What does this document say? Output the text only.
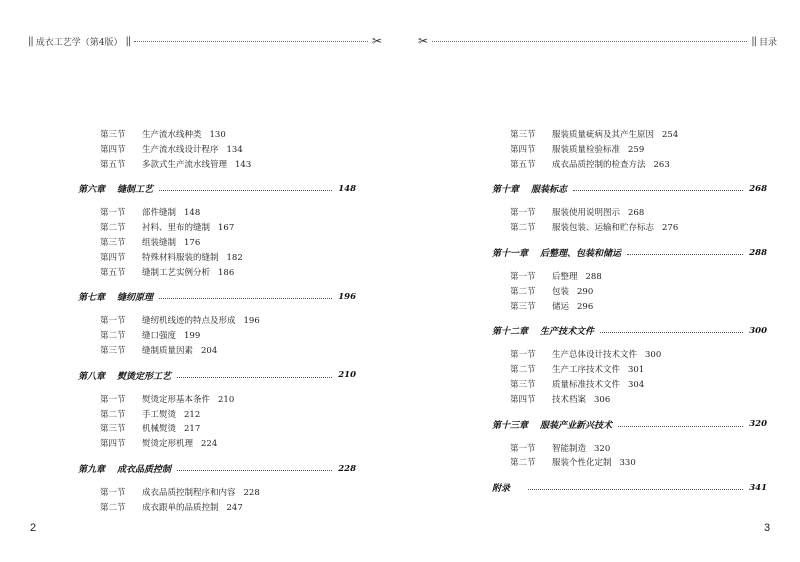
|| 成衣工艺学（第4版） ||	✂
第三节 生产流水线种类 130
第四节 生产流水线设计程序 134
第五节 多款式生产流水线管理 143
第六章 缝制工艺	148
第一节 部件缝制 148
第二节 衬料、里布的缝制 167
第三节 组装缝制 176
第四节 特殊材料服装的缝制 182
第五节 缝制工艺实例分析 186
第七章 缝纫原理	196
第一节 缝纫机线迹的特点及形成 196
第二节 缝口强度 199
第三节 缝制质量因素 204
第八章 熨烫定形工艺	210
第一节 熨烫定形基本条件 210
第二节 手工熨烫 212
第三节 机械熨烫 217
第四节 熨烫定形机理 224
第九章 成衣品质控制	228
第一节 成衣品质控制程序和内容 228
第二节 成衣跟单的品质控制 247
2
✂	|| 目录
第三节 服装质量疵病及其产生原因 254
第四节 服装质量检验标准 259
第五节 成衣品质控制的检查方法 263
第十章 服装标志	268
第一节 服装使用说明图示 268
第二节 服装包装、运输和贮存标志 276
第十一章 后整理、包装和储运	288
第一节 后整理 288
第二节 包装 290
第三节 储运 296
第十二章 生产技术文件	300
第一节 生产总体设计技术文件 300
第二节 生产工序技术文件 301
第三节 质量标准技术文件 304
第四节 技术档案 306
第十三章 服装产业新兴技术	320
第一节 智能制造 320
第二节 服装个性化定制 330
附录	341
3
